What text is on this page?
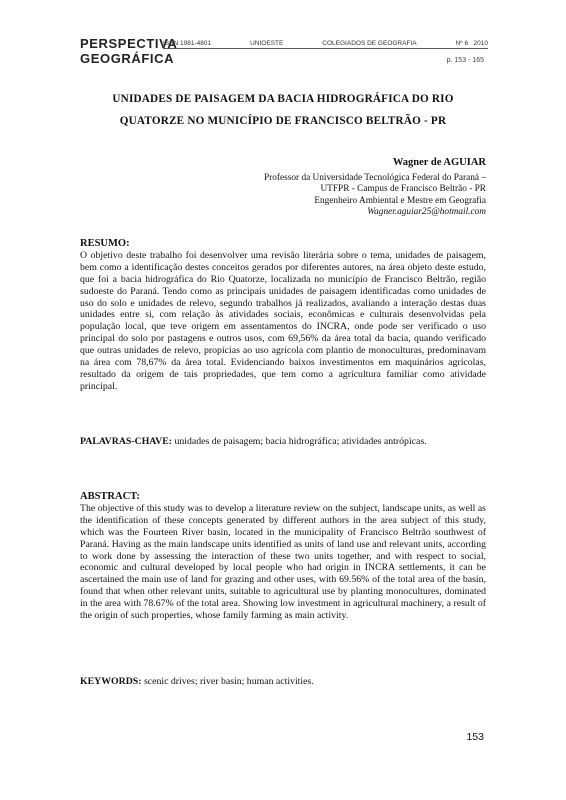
PERSPECTIVA
GEOGRÁFICA
ISSN 1981-4801	UNIOESTE	COLEGIADOS DE GEOGRAFIA	Nº 6 2010
p. 153 - 165
UNIDADES DE PAISAGEM DA BACIA HIDROGRÁFICA DO RIO
QUATORZE NO MUNICÍPIO DE FRANCISCO BELTRÃO - PR
Wagner de AGUIAR
Professor da Universidade Tecnológica Federal do Paraná –
UTFPR - Campus de Francisco Beltrão - PR
Engenheiro Ambiental e Mestre em Geografia
Wagner.aguiar25@hotmail.com
RESUMO:
O objetivo deste trabalho foi desenvolver uma revisão literária sobre o tema, unidades de paisagem, bem como a identificação destes conceitos gerados por diferentes autores, na área objeto deste estudo, que foi a bacia hidrográfica do Rio Quatorze, localizada no município de Francisco Beltrão, região sudoeste do Paraná. Tendo como as principais unidades de paisagem identificadas como unidades de uso do solo e unidades de relevo, segundo trabalhos já realizados, avaliando a interação destas duas unidades entre si, com relação às atividades sociais, econômicas e culturais desenvolvidas pela população local, que teve origem em assentamentos do INCRA, onde pode ser verificado o uso principal do solo por pastagens e outros usos, com 69,56% da área total da bacia, quando verificado que outras unidades de relevo, propícias ao uso agrícola com plantio de monoculturas, predominavam na área com 78,67% da área total. Evidenciando baixos investimentos em maquinários agrícolas, resultado da origem de tais propriedades, que tem como a agricultura familiar como atividade principal.
PALAVRAS-CHAVE: unidades de paisagem; bacia hidrográfica; atividades antrópicas.
ABSTRACT:
The objective of this study was to develop a literature review on the subject, landscape units, as well as the identification of these concepts generated by different authors in the area subject of this study, which was the Fourteen River basin, located in the municipality of Francisco Beltrão southwest of Paraná. Having as the main landscape units identified as units of land use and relevant units, according to work done by assessing the interaction of these two units together, and with respect to social, economic and cultural developed by local people who had origin in INCRA settlements, it can be ascertained the main use of land for grazing and other uses, with 69.56% of the total area of the basin, found that when other relevant units, suitable to agricultural use by planting monocultures, dominated in the area with 78.67% of the total area. Showing low investment in agricultural machinery, a result of the origin of such properties, whose family farming as main activity.
KEYWORDS: scenic drives; river basin; human activities.
153
